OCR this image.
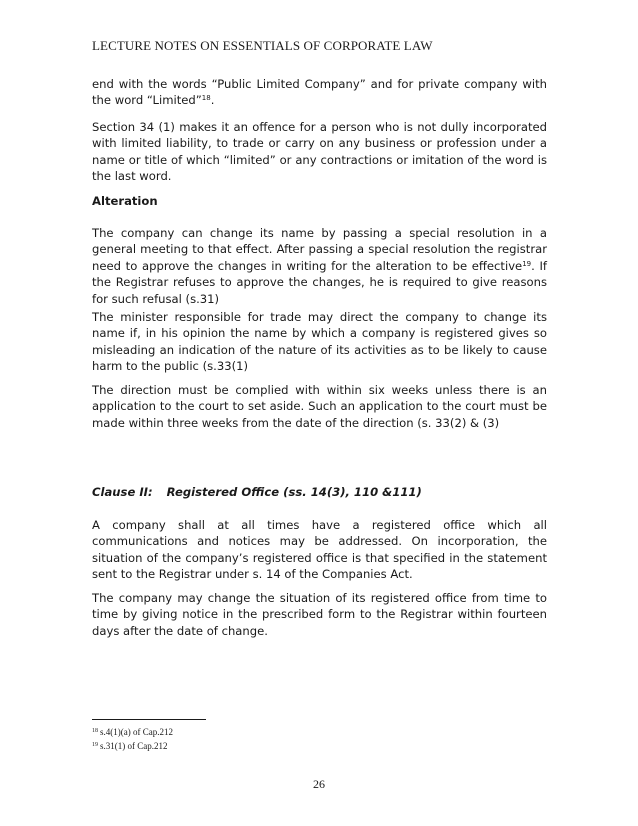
LECTURE NOTES ON ESSENTIALS OF CORPORATE LAW
end with the words “Public Limited Company” and for private company with the word “Limited”$^{18}$.
Section 34 (1) makes it an offence for a person who is not dully incorporated with limited liability, to trade or carry on any business or profession under a name or title of which “limited” or any contractions or imitation of the word is the last word.
Alteration
The company can change its name by passing a special resolution in a general meeting to that effect. After passing a special resolution the registrar need to approve the changes in writing for the alteration to be effective$^{19}$. If the Registrar refuses to approve the changes, he is required to give reasons for such refusal (s.31)
The minister responsible for trade may direct the company to change its name if, in his opinion the name by which a company is registered gives so misleading an indication of the nature of its activities as to be likely to cause harm to the public (s.33(1)
The direction must be complied with within six weeks unless there is an application to the court to set aside. Such an application to the court must be made within three weeks from the date of the direction (s. 33(2) & (3)
Clause II: Registered Office (ss. 14(3), 110 &111)
A company shall at all times have a registered office which all communications and notices may be addressed. On incorporation, the situation of the company’s registered office is that specified in the statement sent to the Registrar under s. 14 of the Companies Act.
The company may change the situation of its registered office from time to time by giving notice in the prescribed form to the Registrar within fourteen days after the date of change.
$^{18}$ s.4(1)(a) of Cap.212
$^{19}$ s.31(1) of Cap.212
26
